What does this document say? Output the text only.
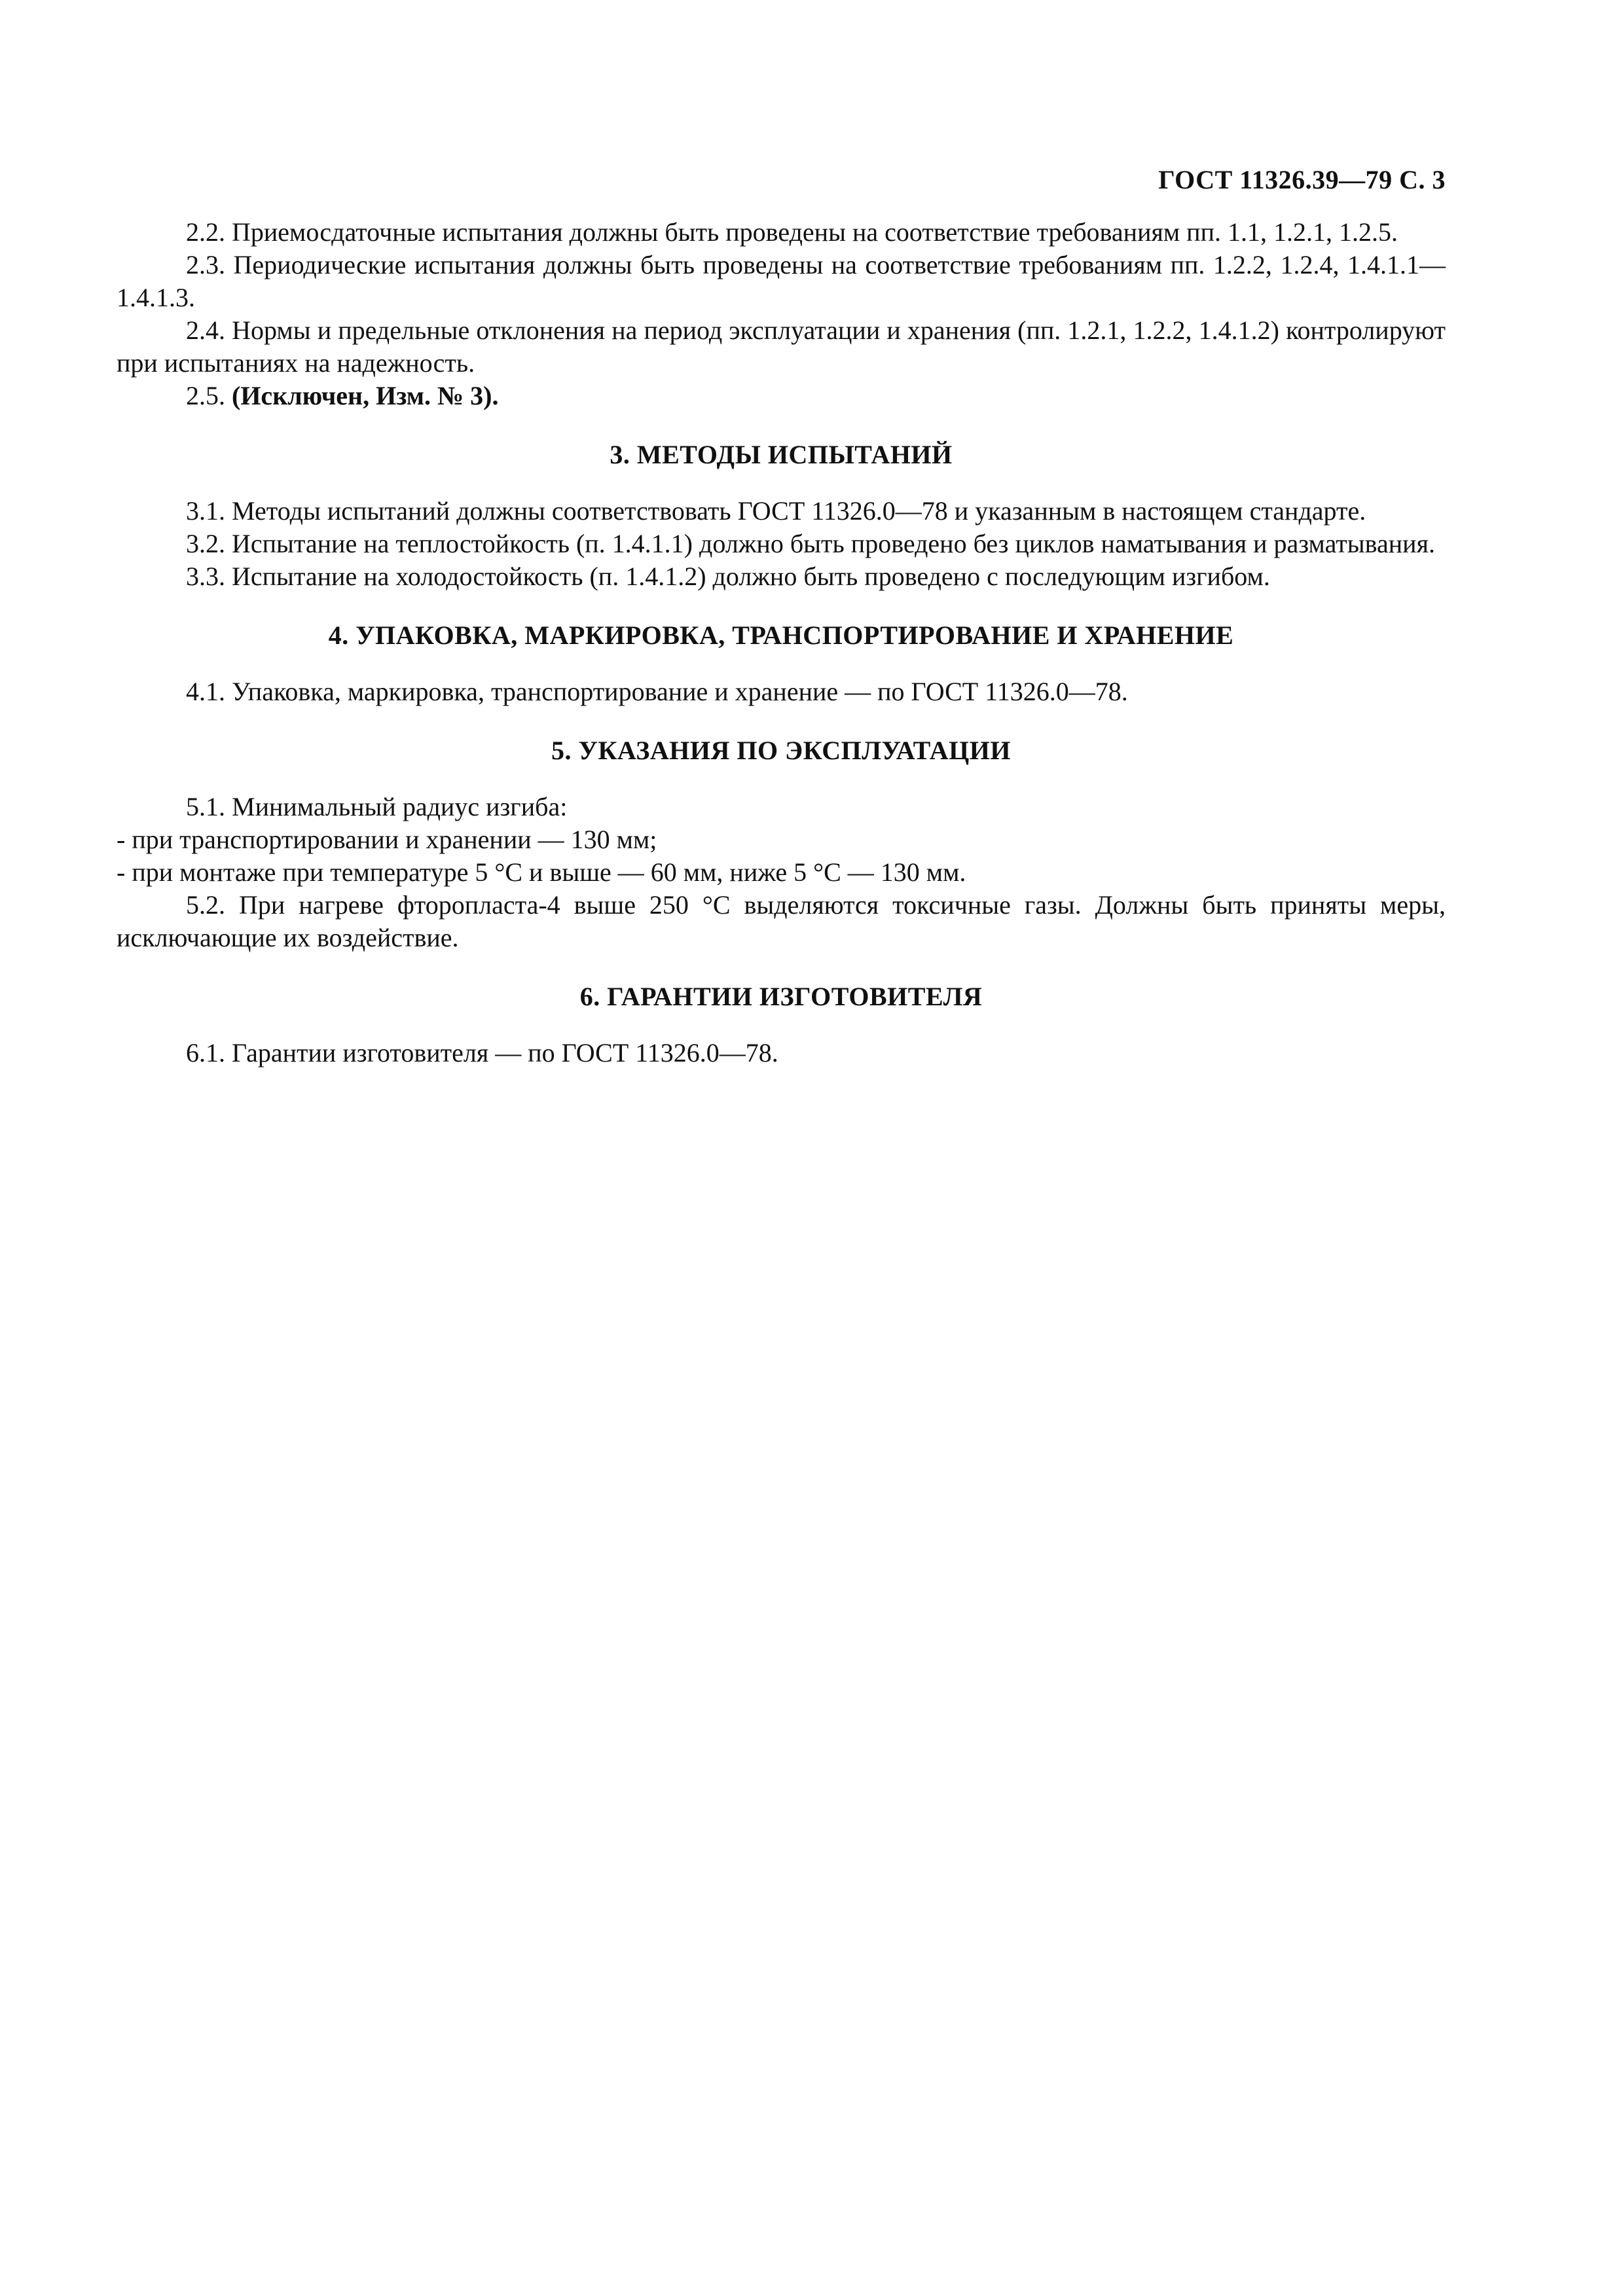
ГОСТ 11326.39—79 С. 3

2.2. Приемосдаточные испытания должны быть проведены на соответствие требованиям пп. 1.1, 1.2.1, 1.2.5.

2.3. Периодические испытания должны быть проведены на соответствие требованиям пп. 1.2.2, 1.2.4, 1.4.1.1—1.4.1.3.

2.4. Нормы и предельные отклонения на период эксплуатации и хранения (пп. 1.2.1, 1.2.2, 1.4.1.2) контролируют при испытаниях на надежность.

2.5. (Исключен, Изм. № 3).

3. МЕТОДЫ ИСПЫТАНИЙ

3.1. Методы испытаний должны соответствовать ГОСТ 11326.0—78 и указанным в настоящем стандарте.

3.2. Испытание на теплостойкость (п. 1.4.1.1) должно быть проведено без циклов наматывания и разматывания.

3.3. Испытание на холодостойкость (п. 1.4.1.2) должно быть проведено с последующим изгибом.

4. УПАКОВКА, МАРКИРОВКА, ТРАНСПОРТИРОВАНИЕ И ХРАНЕНИЕ

4.1. Упаковка, маркировка, транспортирование и хранение — по ГОСТ 11326.0—78.

5. УКАЗАНИЯ ПО ЭКСПЛУАТАЦИИ

5.1. Минимальный радиус изгиба:

- при транспортировании и хранении — 130 мм;

- при монтаже при температуре 5 °С и выше — 60 мм, ниже 5 °С — 130 мм.

5.2. При нагреве фторопласта-4 выше 250 °С выделяются токсичные газы. Должны быть приняты меры, исключающие их воздействие.

6. ГАРАНТИИ ИЗГОТОВИТЕЛЯ

6.1. Гарантии изготовителя — по ГОСТ 11326.0—78.
